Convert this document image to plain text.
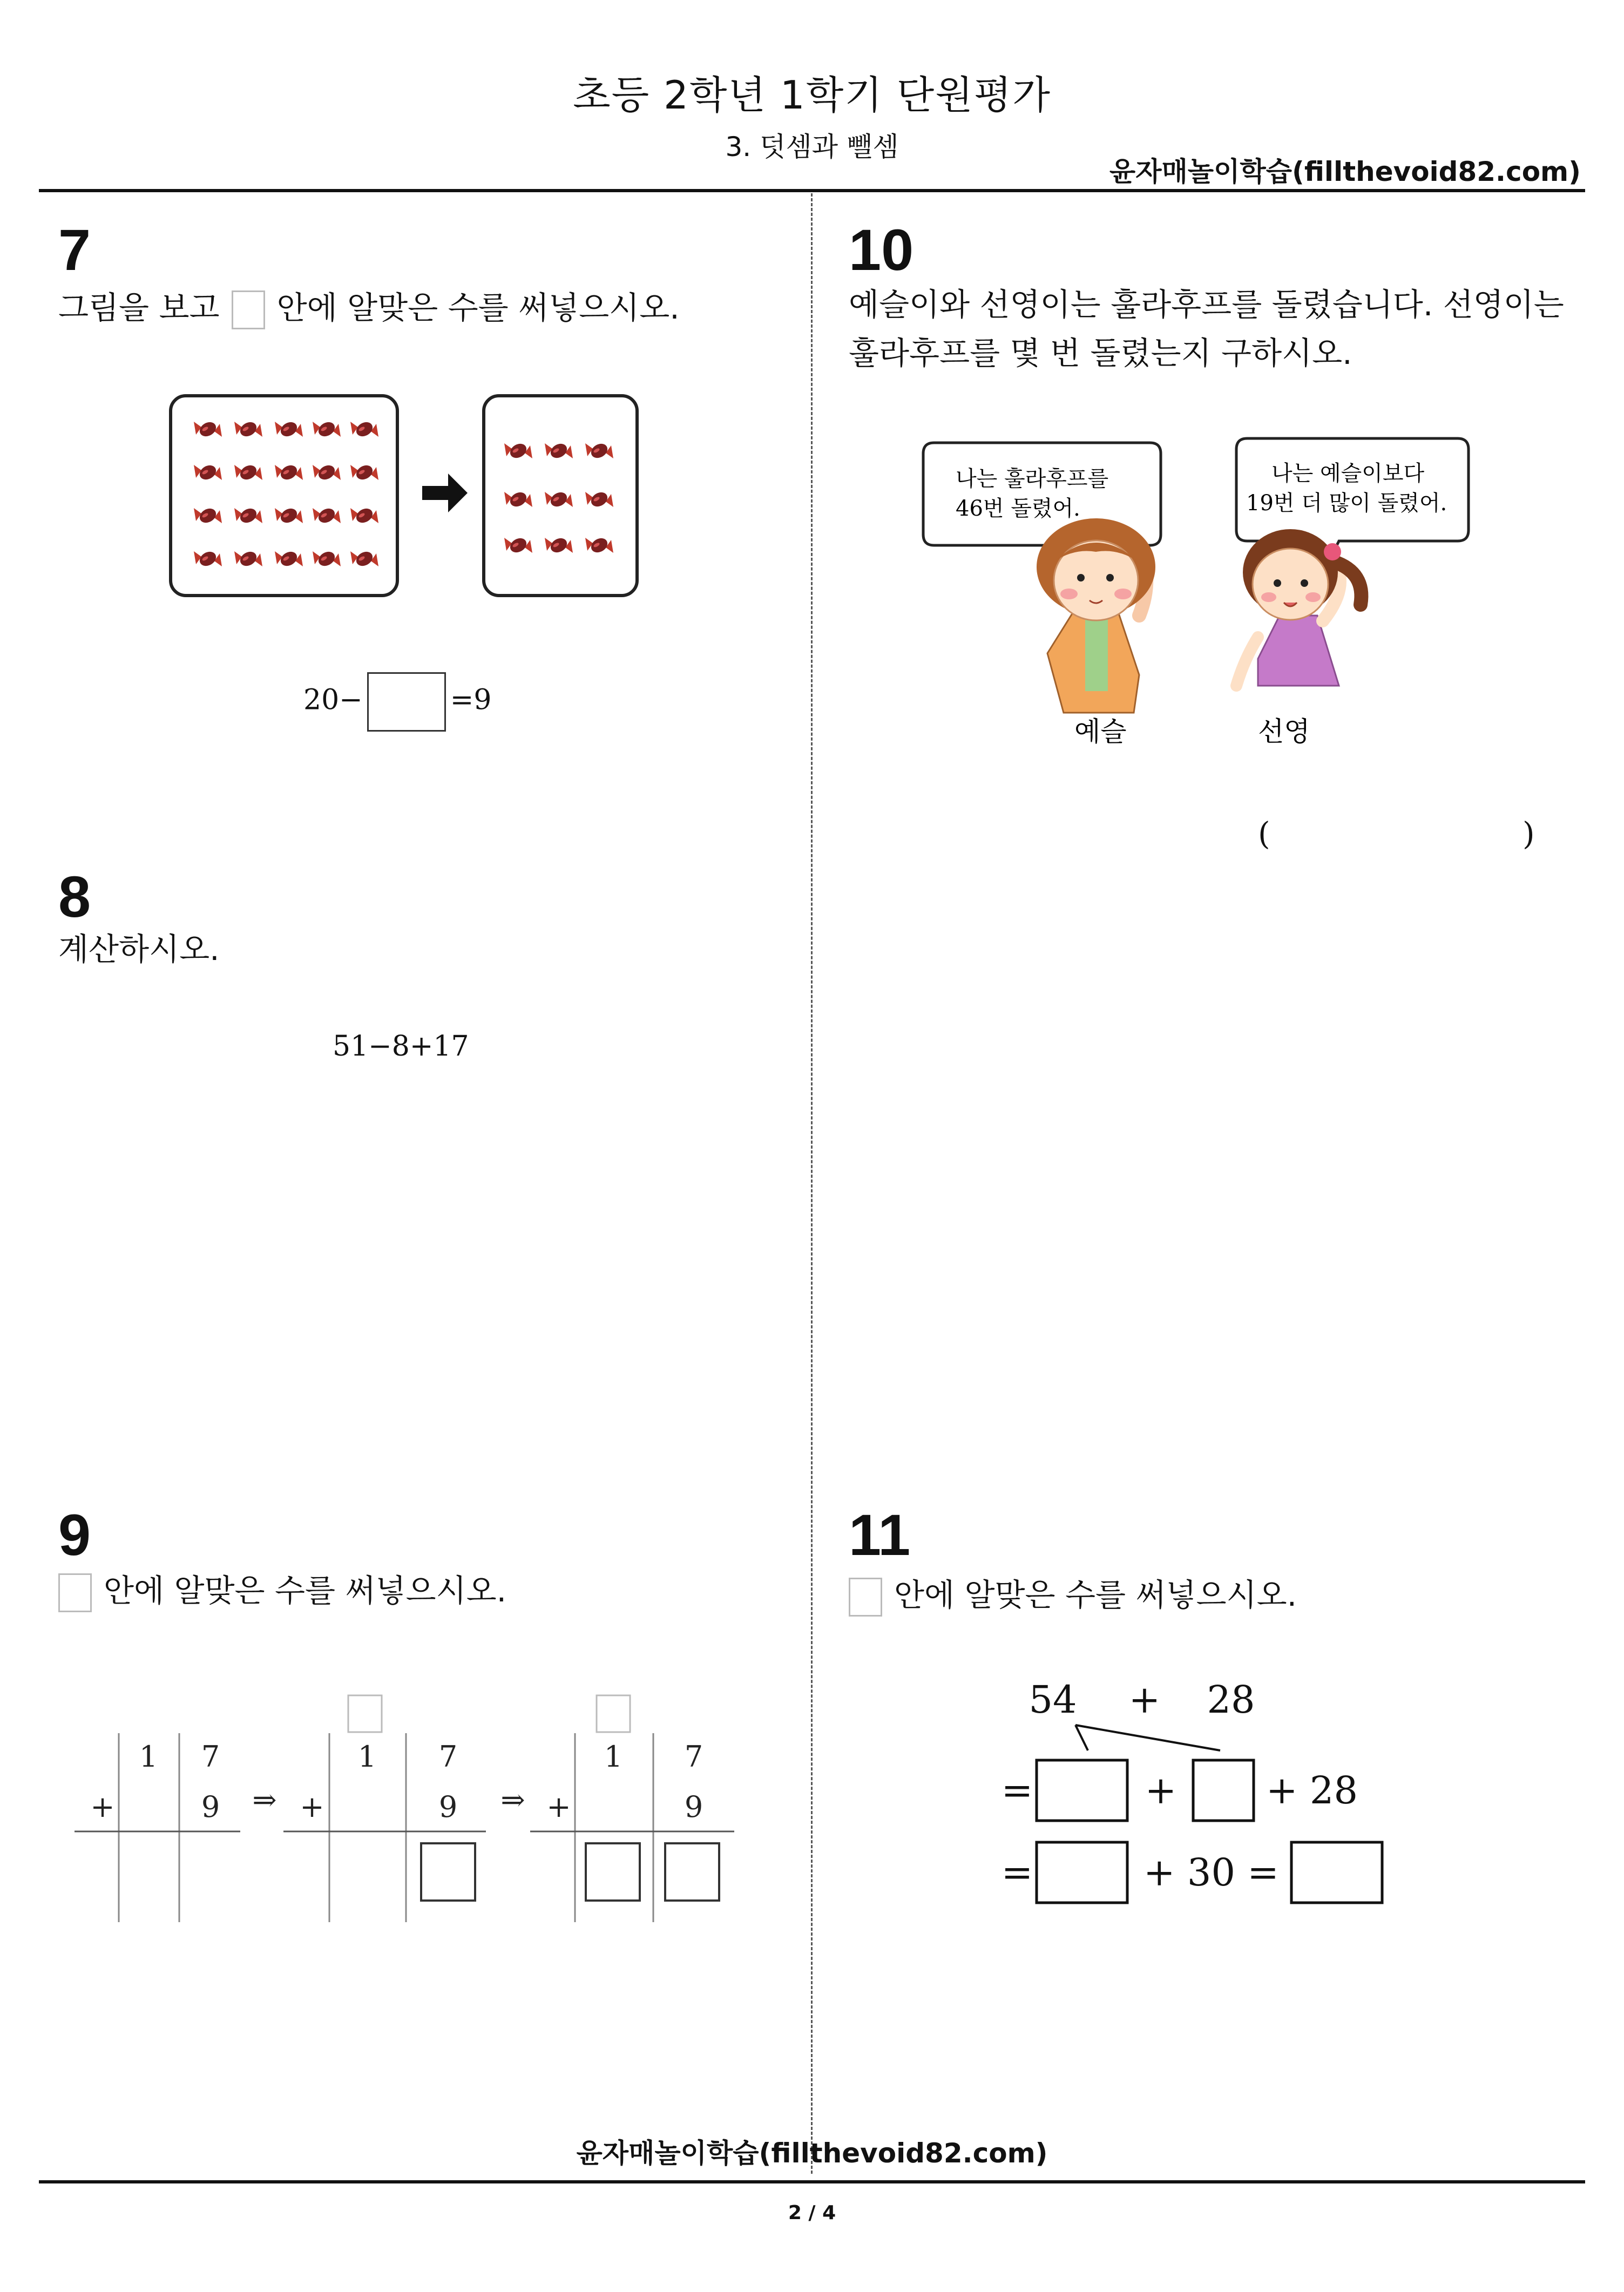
초등 2학년 1학기 단원평가
3. 덧셈과 뺄셈
윤자매놀이학습(fillthevoid82.com)
7
그림을 보고 안에 알맞은 수를 써넣으시오.
20−	=9
8
계산하시오.
51−8+17
9
안에 알맞은 수를 써넣으시오.
1 7
+	9 ⇒
1 7
+	9 ⇒
1 7
+	9
10
예슬이와 선영이는 훌라후프를 돌렸습니다. 선영이는
훌라후프를 몇 번 돌렸는지 구하시오.
나는 훌라후프를
46번 돌렸어.
나는 예슬이보다
19번 더 많이 돌렸어.
예슬	선영
(	)
11
안에 알맞은 수를 써넣으시오.
54 + 28
=	+ + 28
=	+ 30 =
윤자매놀이학습(fillthevoid82.com)
2 / 4
